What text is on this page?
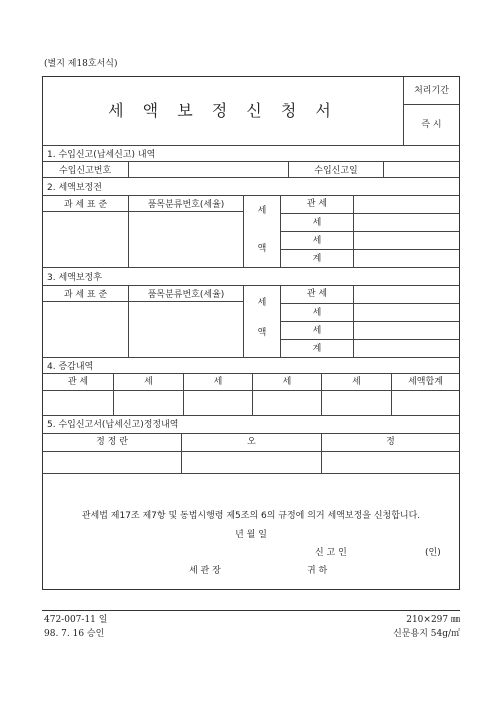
(별지 제18호서식)
세 액 보 정 신 청 서
처리기간
즉 시
1. 수입신고(납세신고) 내역
수입신고번호	수입신고일
2. 세액보정전
과 세 표 준	품목분류번호(세율)
세
액
관 세
세
세
계
3. 세액보정후
과 세 표 준	품목분류번호(세율)
세
액
관 세
세
세
계
4. 증감내역
관 세	세	세	세	세	세액합계
5. 수입신고서(납세신고)정정내역
정 정 란	오	정
관세법 제17조 제7항 및 동법시행령 제5조의 6의 규정에 의거 세액보정을 신청합니다.
년 월 일
신 고 인	(인)
세 관 장	귀 하
472-007-11 일
98. 7. 16 승인
210×297 ㎜
신문용지 54g/㎡
